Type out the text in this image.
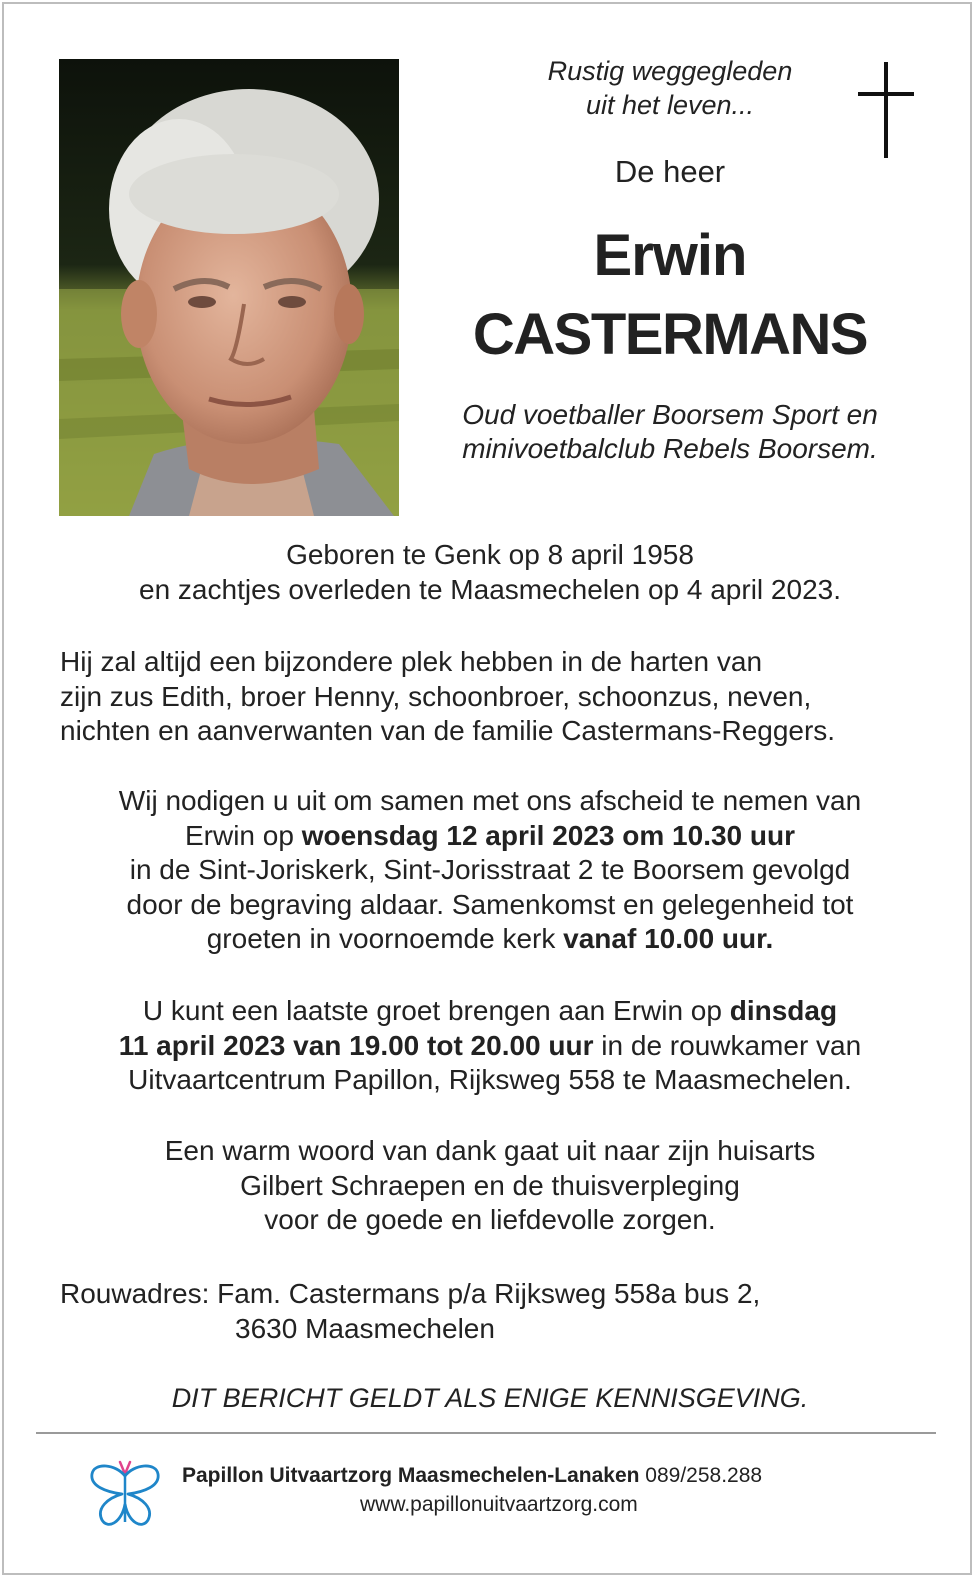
Rustig weggegleden
uit het leven...
De heer
Erwin
CASTERMANS
Oud voetballer Boorsem Sport en
minivoetbalclub Rebels Boorsem.
Geboren te Genk op 8 april 1958
en zachtjes overleden te Maasmechelen op 4 april 2023.
Hij zal altijd een bijzondere plek hebben in de harten van
zijn zus Edith, broer Henny, schoonbroer, schoonzus, neven,
nichten en aanverwanten van de familie Castermans-Reggers.
Wij nodigen u uit om samen met ons afscheid te nemen van
Erwin op woensdag 12 april 2023 om 10.30 uur
in de Sint-Joriskerk, Sint-Jorisstraat 2 te Boorsem gevolgd
door de begraving aldaar. Samenkomst en gelegenheid tot
groeten in voornoemde kerk vanaf 10.00 uur.
U kunt een laatste groet brengen aan Erwin op dinsdag
11 april 2023 van 19.00 tot 20.00 uur in de rouwkamer van
Uitvaartcentrum Papillon, Rijksweg 558 te Maasmechelen.
Een warm woord van dank gaat uit naar zijn huisarts
Gilbert Schraepen en de thuisverpleging
voor de goede en liefdevolle zorgen.
Rouwadres: Fam. Castermans p/a Rijksweg 558a bus 2,
3630 Maasmechelen
DIT BERICHT GELDT ALS ENIGE KENNISGEVING.
Papillon Uitvaartzorg Maasmechelen-Lanaken 089/258.288
www.papillonuitvaartzorg.com
